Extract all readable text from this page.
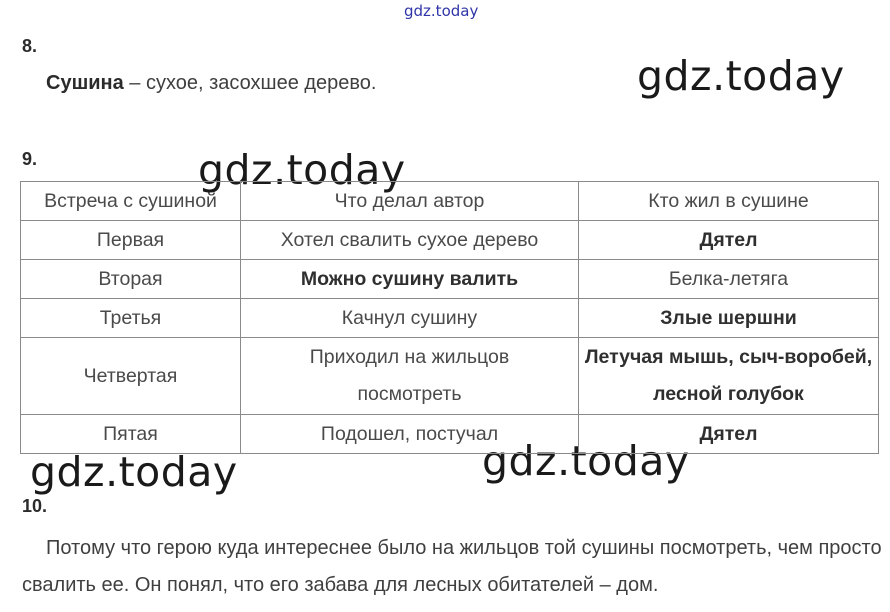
gdz.today
gdz.today
gdz.today
gdz.today	gdz.today
8.
Сушина – сухое, засохшее дерево.
9.
Встреча с сушиной	Что делал автор	Кто жил в сушине
Первая	Хотел свалить сухое дерево	Дятел
Вторая	Можно сушину валить	Белка-летяга
Третья	Качнул сушину	Злые шершни
Четвертая	Приходил на жильцов посмотреть	Летучая мышь, сыч-воробей, лесной голубок
Пятая	Подошел, постучал	Дятел
10.

Потому что герою куда интереснее было на жильцов той сушины посмотреть, чем просто свалить ее. Он понял, что его забава для лесных обитателей – дом.
